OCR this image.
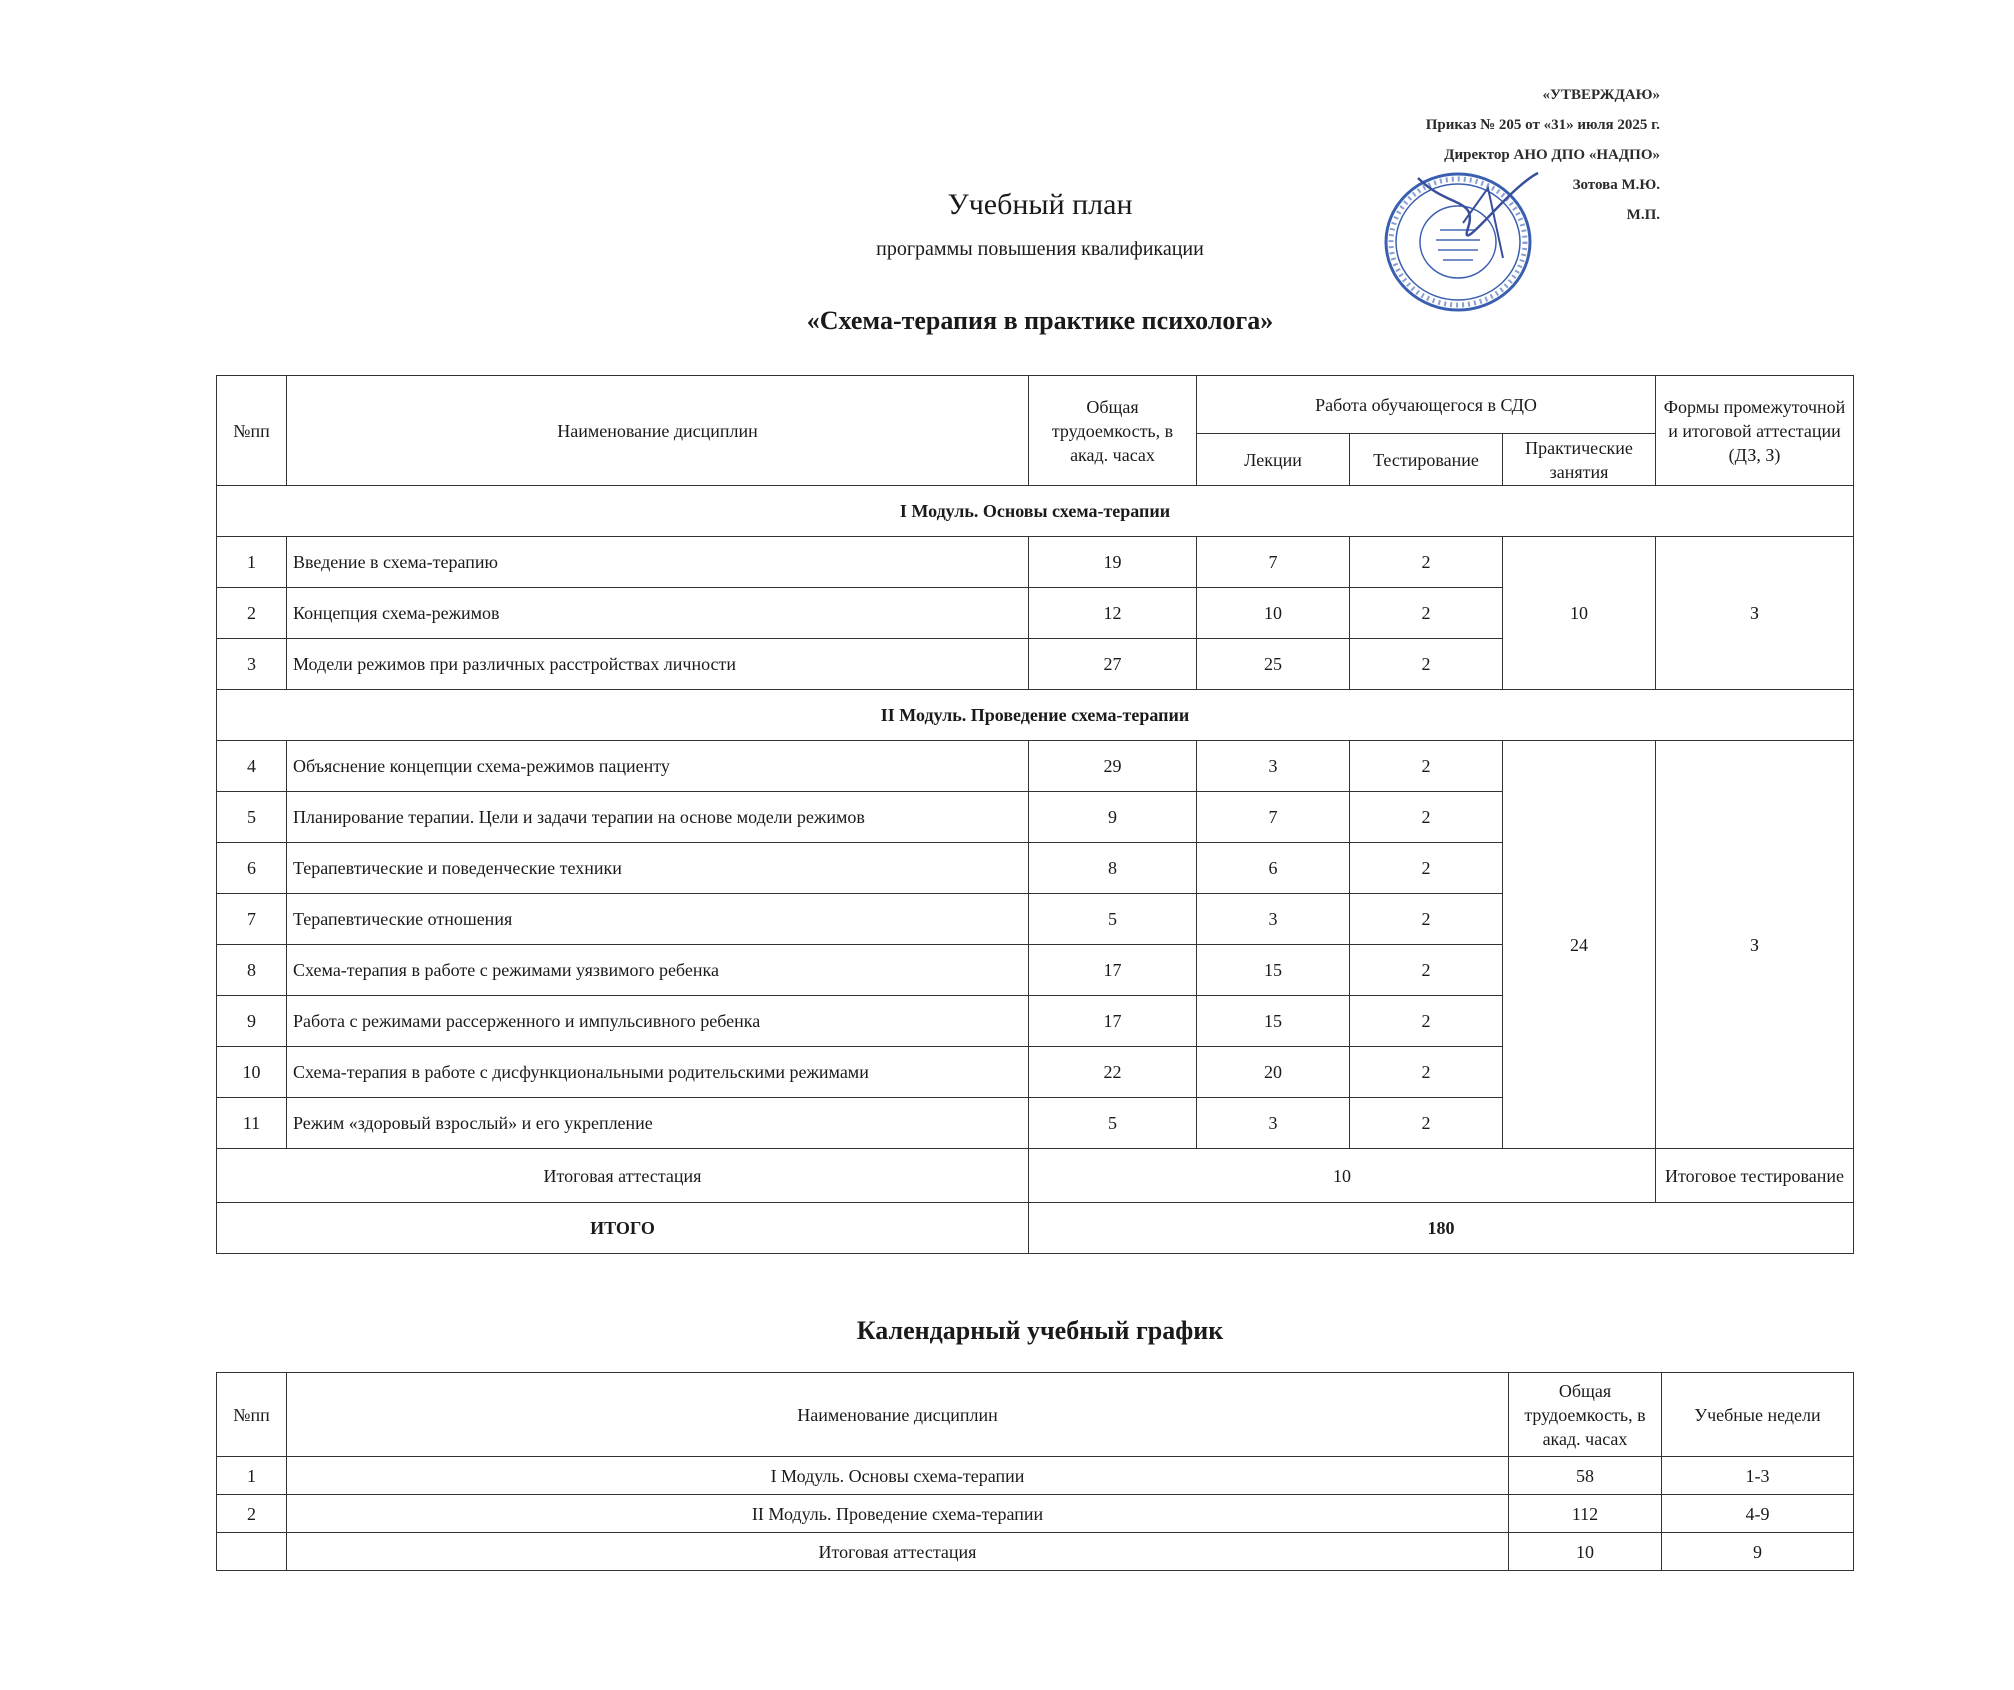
«УТВЕРЖДАЮ»
Приказ № 205 от «31» июля 2025 г.
Директор АНО ДПО «НАДПО»
Зотова М.Ю.
М.П.
Учебный план
программы повышения квалификации
«Схема-терапия в практике психолога»
№пп	Наименование дисциплин	Общая трудоемкость, в акад. часах	Работа обучающегося в СДО			Формы промежуточной и итоговой аттестации (ДЗ, З)
			Лекции	Тестирование	Практические занятия	
I Модуль. Основы схема-терапии						
1	Введение в схема-терапию	19	7	2	10	З
2	Концепция схема-режимов	12	10	2		
3	Модели режимов при различных расстройствах личности	27	25	2		
II Модуль. Проведение схема-терапии						
4	Объяснение концепции схема-режимов пациенту	29	3	2	24	З
5	Планирование терапии. Цели и задачи терапии на основе модели режимов	9	7	2		
6	Терапевтические и поведенческие техники	8	6	2		
7	Терапевтические отношения	5	3	2		
8	Схема-терапия в работе с режимами уязвимого ребенка	17	15	2		
9	Работа с режимами рассерженного и импульсивного ребенка	17	15	2		
10	Схема-терапия в работе с дисфункциональными родительскими режимами	22	20	2		
11	Режим «здоровый взрослый» и его укрепление	5	3	2		
Итоговая аттестация		10				Итоговое тестирование
ИТОГО		180				
Календарный учебный график
№пп	Наименование дисциплин	Общая трудоемкость, в акад. часах	Учебные недели
1	I Модуль. Основы схема-терапии	58	1-3
2	II Модуль. Проведение схема-терапии	112	4-9
	Итоговая аттестация	10	9
